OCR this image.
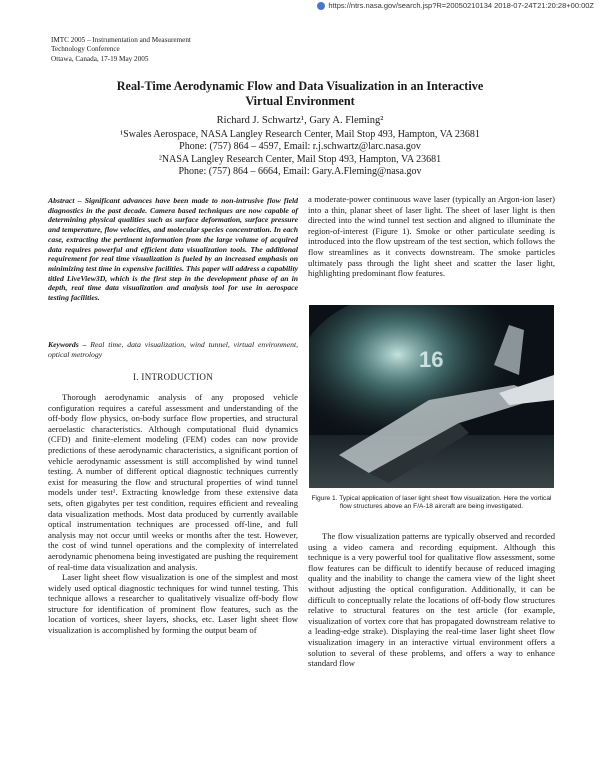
https://ntrs.nasa.gov/search.jsp?R=20050210134 2018-07-24T21:20:28+00:00Z
IMTC 2005 – Instrumentation and Measurement
Technology Conference
Ottawa, Canada, 17-19 May 2005
Real-Time Aerodynamic Flow and Data Visualization in an Interactive
Virtual Environment
Richard J. Schwartz¹, Gary A. Fleming²
¹Swales Aerospace, NASA Langley Research Center, Mail Stop 493, Hampton, VA 23681
Phone: (757) 864 – 4597, Email: r.j.schwartz@larc.nasa.gov
²NASA Langley Research Center, Mail Stop 493, Hampton, VA 23681
Phone: (757) 864 – 6664, Email: Gary.A.Fleming@nasa.gov
Abstract – Significant advances have been made to non-intrusive flow field diagnostics in the past decade. Camera based techniques are now capable of determining physical qualities such as surface deformation, surface pressure and temperature, flow velocities, and molecular species concentration. In each case, extracting the pertinent information from the large volume of acquired data requires powerful and efficient data visualization tools. The additional requirement for real time visualization is fueled by an increased emphasis on minimizing test time in expensive facilities. This paper will address a capability titled LiveView3D, which is the first step in the development phase of an in depth, real time data visualization and analysis tool for use in aerospace testing facilities.
Keywords – Real time, data visualization, wind tunnel, virtual environment, optical metrology
I. INTRODUCTION

Thorough aerodynamic analysis of any proposed vehicle configuration requires a careful assessment and understanding of the off-body flow physics, on-body surface flow properties, and structural aeroelastic characteristics. Although computational fluid dynamics (CFD) and finite-element modeling (FEM) codes can now provide predictions of these aerodynamic characteristics, a significant portion of vehicle aerodynamic assessment is still accomplished by wind tunnel testing. A number of different optical diagnostic techniques currently exist for measuring the flow and structural properties of wind tunnel models under test¹. Extracting knowledge from these extensive data sets, often gigabytes per test condition, requires efficient and revealing data visualization methods. Most data produced by currently available optical instrumentation techniques are processed off-line, and full analysis may not occur until weeks or months after the test. However, the cost of wind tunnel operations and the complexity of interrelated aerodynamic phenomena being investigated are pushing the requirement of real-time data visualization and analysis.

Laser light sheet flow visualization is one of the simplest and most widely used optical diagnostic techniques for wind tunnel testing. This technique allows a researcher to qualitatively visualize off-body flow structure for identification of prominent flow features, such as the location of vortices, sheer layers, shocks, etc. Laser light sheet flow visualization is accomplished by forming the output beam of

a moderate-power continuous wave laser (typically an Argon-ion laser) into a thin, planar sheet of laser light. The sheet of laser light is then directed into the wind tunnel test section and aligned to illuminate the region-of-interest (Figure 1). Smoke or other particulate seeding is introduced into the flow upstream of the test section, which follows the flow streamlines as it convects downstream. The smoke particles ultimately pass through the light sheet and scatter the laser light, highlighting predominant flow features.
16
Figure 1. Typical application of laser light sheet flow visualization. Here the vortical flow structures above an F/A-18 aircraft are being investigated.

The flow visualization patterns are typically observed and recorded using a video camera and recording equipment. Although this technique is a very powerful tool for qualitative flow assessment, some flow features can be difficult to identify because of reduced imaging quality and the inability to change the camera view of the light sheet without adjusting the optical configuration. Additionally, it can be difficult to conceptually relate the locations of off-body flow structures relative to structural features on the test article (for example, visualization of vortex core that has propagated downstream relative to a leading-edge strake). Displaying the real-time laser light sheet flow visualization imagery in an interactive virtual environment offers a solution to several of these problems, and offers a way to enhance standard flow
